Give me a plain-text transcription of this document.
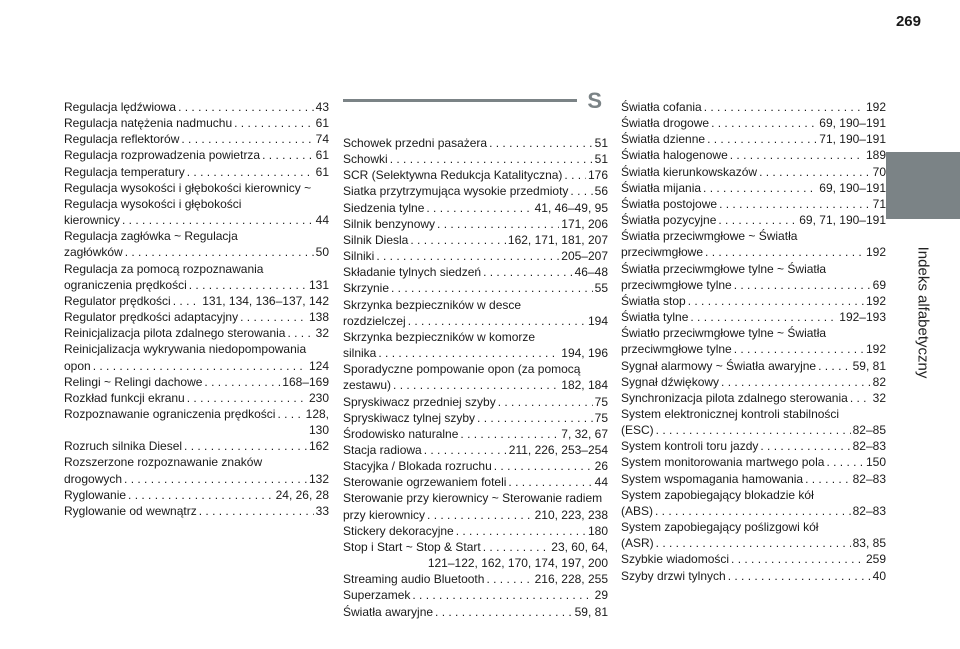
269
Indeks alfabetyczny
Regulacja lędźwiowa . . .	43
Regulacja natężenia nadmuchu . . .	61
Regulacja reflektorów . . .	74
Regulacja rozprowadzenia powietrza . . .	61
Regulacja temperatury . . .	61
Regulacja wysokości i głębokości kierownicy ~
Regulacja wysokości i głębokości
kierownicy . . .	44
Regulacja zagłówka ~ Regulacja
zagłówków . . .	50
Regulacja za pomocą rozpoznawania
ograniczenia prędkości . . .	131
Regulator prędkości . . .	131, 134, 136–137, 142
Regulator prędkości adaptacyjny . . .	138
Reinicjalizacja pilota zdalnego sterowania . . .	32
Reinicjalizacja wykrywania niedopompowania
opon . . .	124
Relingi ~ Relingi dachowe . . .	168–169
Rozkład funkcji ekranu . . .	230
Rozpoznawanie ograniczenia prędkości . . .	128,
130
Rozruch silnika Diesel . . .	162
Rozszerzone rozpoznawanie znaków
drogowych . . .	132
Ryglowanie . . .	24, 26, 28
Ryglowanie od wewnątrz . . .	33
S
Schowek przedni pasażera . . .	51
Schowki . . .	51
SCR (Selektywna Redukcja Katalityczna) . . . 176
Siatka przytrzymująca wysokie przedmioty . . . 56
Siedzenia tylne . . .	41, 46–49, 95
Silnik benzynowy . . .	171, 206
Silnik Diesla . . .	162, 171, 181, 207
Silniki . . .	205–207
Składanie tylnych siedzeń . . .	46–48
Skrzynie . . .	55
Skrzynka bezpieczników w desce
rozdzielczej . . .	194
Skrzynka bezpieczników w komorze
silnika . . .	194, 196
Sporadyczne pompowanie opon (za pomocą
zestawu) . . .	182, 184
Spryskiwacz przedniej szyby . . .	75
Spryskiwacz tylnej szyby . . .	75
Środowisko naturalne . . .	7, 32, 67
Stacja radiowa . . .	211, 226, 253–254
Stacyjka / Blokada rozruchu . . .	26
Sterowanie ogrzewaniem foteli . . .	44
Sterowanie przy kierownicy ~ Sterowanie radiem
przy kierownicy . . .	210, 223, 238
Stickery dekoracyjne . . .	180
Stop i Start ~ Stop & Start . . .	23, 60, 64,
121–122, 162, 170, 174, 197, 200
Streaming audio Bluetooth . . .	216, 228, 255
Superzamek . . .	29
Światła awaryjne . . .	59, 81
Światła cofania . . .	192
Światła drogowe . . .	69, 190–191
Światła dzienne . . .	71, 190–191
Światła halogenowe . . .	189
Światła kierunkowskazów . . .	70
Światła mijania . . .	69, 190–191
Światła postojowe . . .	71
Światła pozycyjne . . .	69, 71, 190–191
Światła przeciwmgłowe ~ Światła
przeciwmgłowe . . .	192
Światła przeciwmgłowe tylne ~ Światła
przeciwmgłowe tylne . . .	69
Światła stop . . .	192
Światła tylne . . .	192–193
Światło przeciwmgłowe tylne ~ Światła
przeciwmgłowe tylne . . .	192
Sygnał alarmowy ~ Światła awaryjne . . .	59, 81
Sygnał dźwiękowy . . .	82
Synchronizacja pilota zdalnego sterowania . . . 32
System elektronicznej kontroli stabilności
(ESC) . . .	82–85
System kontroli toru jazdy . . .	82–83
System monitorowania martwego pola . . .	150
System wspomagania hamowania . . .	82–83
System zapobiegający blokadzie kół
(ABS) . . .	82–83
System zapobiegający poślizgowi kół
(ASR) . . .	83, 85
Szybkie wiadomości . . .	259
Szyby drzwi tylnych . . .	40
